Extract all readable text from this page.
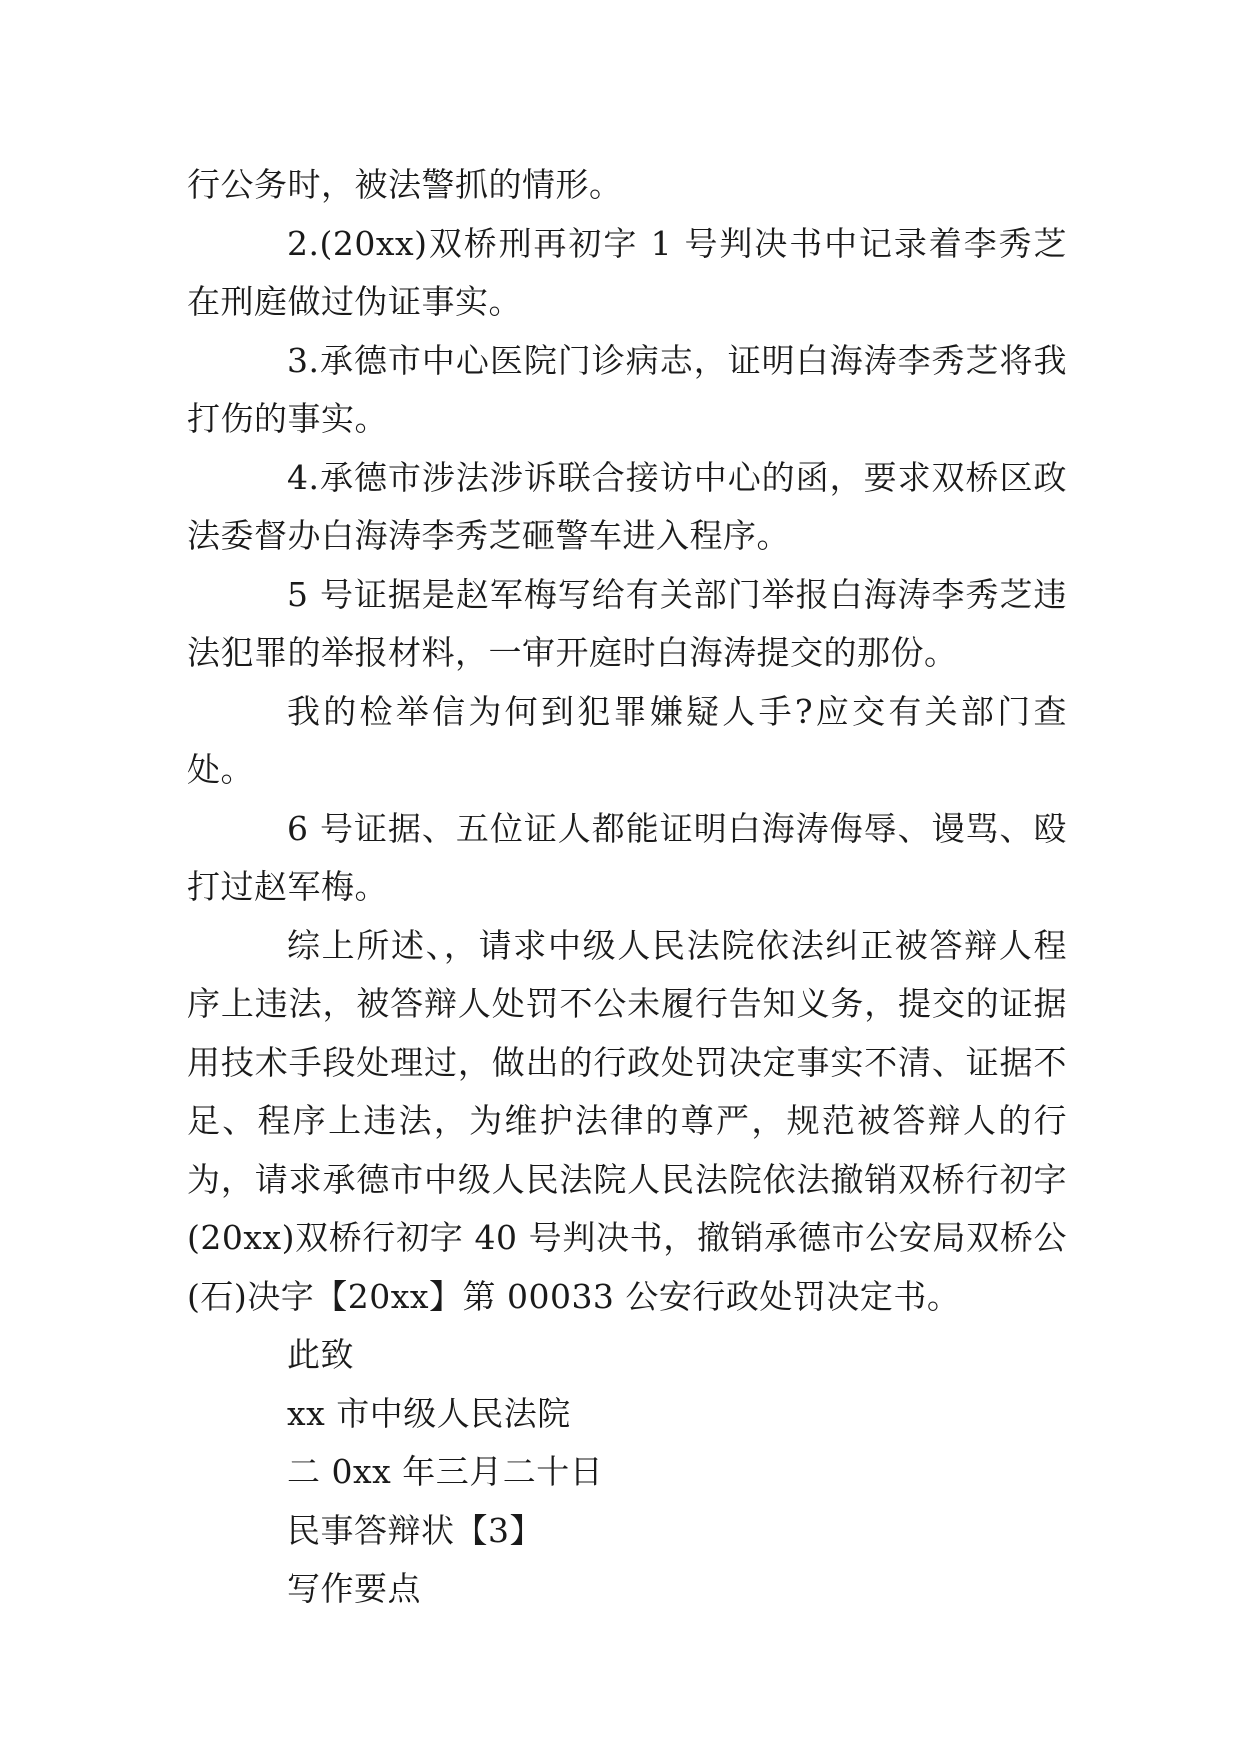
行公务时，被法警抓的情形。

2.(20xx)双桥刑再初字 1 号判决书中记录着李秀芝在刑庭做过伪证事实。

3.承德市中心医院门诊病志，证明白海涛李秀芝将我打伤的事实。

4.承德市涉法涉诉联合接访中心的函，要求双桥区政法委督办白海涛李秀芝砸警车进入程序。

5 号证据是赵军梅写给有关部门举报白海涛李秀芝违法犯罪的举报材料，一审开庭时白海涛提交的那份。

我的检举信为何到犯罪嫌疑人手?应交有关部门查处。

6 号证据、五位证人都能证明白海涛侮辱、谩骂、殴打过赵军梅。

综上所述、，请求中级人民法院依法纠正被答辩人程序上违法，被答辩人处罚不公未履行告知义务，提交的证据用技术手段处理过，做出的行政处罚决定事实不清、证据不足、程序上违法，为维护法律的尊严，规范被答辩人的行为，请求承德市中级人民法院人民法院依法撤销双桥行初字(20xx)双桥行初字 40 号判决书，撤销承德市公安局双桥公(石)决字【20xx】第 00033 公安行政处罚决定书。

此致

xx 市中级人民法院

二 0xx 年三月二十日

民事答辩状【3】

写作要点
